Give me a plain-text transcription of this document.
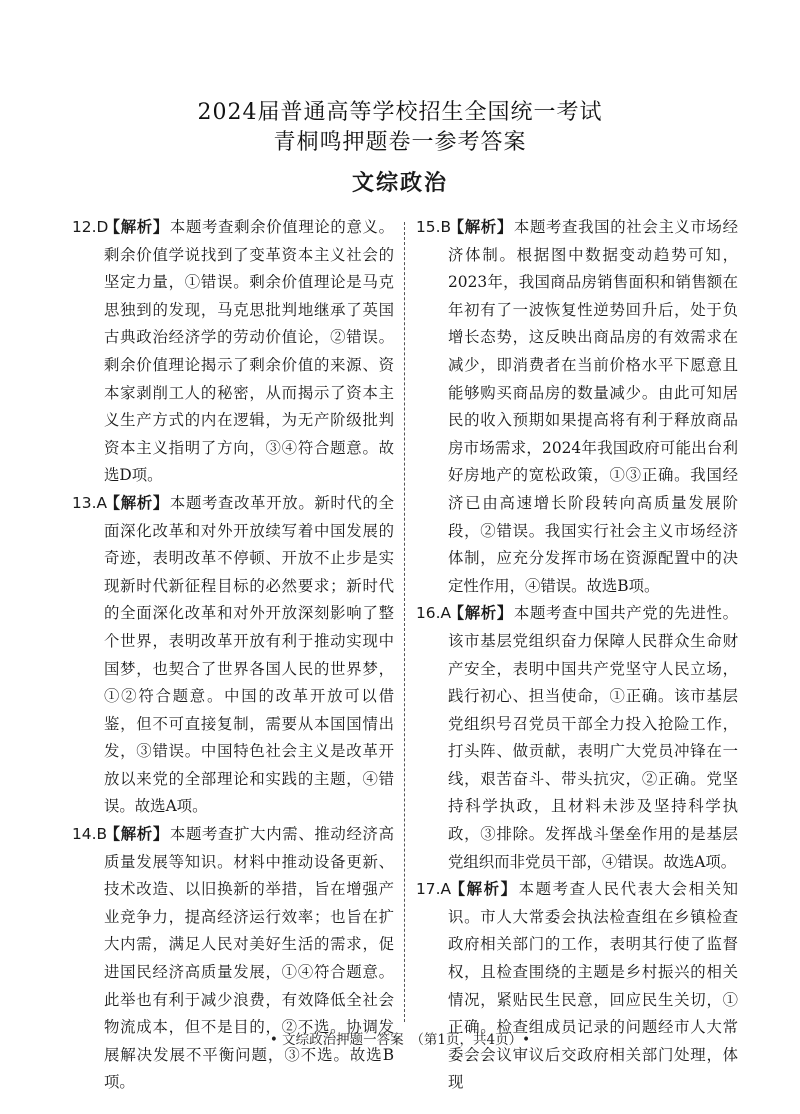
2024届普通高等学校招生全国统一考试
青桐鸣押题卷一参考答案
文综政治

12.D【解析】本题考查剩余价值理论的意义。剩余价值学说找到了变革资本主义社会的坚定力量，①错误。剩余价值理论是马克思独到的发现，马克思批判地继承了英国古典政治经济学的劳动价值论，②错误。剩余价值理论揭示了剩余价值的来源、资本家剥削工人的秘密，从而揭示了资本主义生产方式的内在逻辑，为无产阶级批判资本主义指明了方向，③④符合题意。故选D项。

13.A【解析】本题考查改革开放。新时代的全面深化改革和对外开放续写着中国发展的奇迹，表明改革不停顿、开放不止步是实现新时代新征程目标的必然要求；新时代的全面深化改革和对外开放深刻影响了整个世界，表明改革开放有利于推动实现中国梦，也契合了世界各国人民的世界梦，①②符合题意。中国的改革开放可以借鉴，但不可直接复制，需要从本国国情出发，③错误。中国特色社会主义是改革开放以来党的全部理论和实践的主题，④错误。故选A项。

14.B【解析】本题考查扩大内需、推动经济高质量发展等知识。材料中推动设备更新、技术改造、以旧换新的举措，旨在增强产业竞争力，提高经济运行效率；也旨在扩大内需，满足人民对美好生活的需求，促进国民经济高质量发展，①④符合题意。此举也有利于减少浪费，有效降低全社会物流成本，但不是目的，②不选。协调发展解决发展不平衡问题，③不选。故选B项。

15.B【解析】本题考查我国的社会主义市场经济体制。根据图中数据变动趋势可知，2023年，我国商品房销售面积和销售额在年初有了一波恢复性逆势回升后，处于负增长态势，这反映出商品房的有效需求在减少，即消费者在当前价格水平下愿意且能够购买商品房的数量减少。由此可知居民的收入预期如果提高将有利于释放商品房市场需求，2024年我国政府可能出台利好房地产的宽松政策，①③正确。我国经济已由高速增长阶段转向高质量发展阶段，②错误。我国实行社会主义市场经济体制，应充分发挥市场在资源配置中的决定性作用，④错误。故选B项。

16.A【解析】本题考查中国共产党的先进性。该市基层党组织奋力保障人民群众生命财产安全，表明中国共产党坚守人民立场，践行初心、担当使命，①正确。该市基层党组织号召党员干部全力投入抢险工作，打头阵、做贡献，表明广大党员冲锋在一线，艰苦奋斗、带头抗灾，②正确。党坚持科学执政，且材料未涉及坚持科学执政，③排除。发挥战斗堡垒作用的是基层党组织而非党员干部，④错误。故选A项。

17.A【解析】本题考查人民代表大会相关知识。市人大常委会执法检查组在乡镇检查政府相关部门的工作，表明其行使了监督权，且检查围绕的主题是乡村振兴的相关情况，紧贴民生民意，回应民生关切，①正确。检查组成员记录的问题经市人大常委会会议审议后交政府相关部门处理，体现

• 文综政治押题一答案　（第1页，共4页）•
